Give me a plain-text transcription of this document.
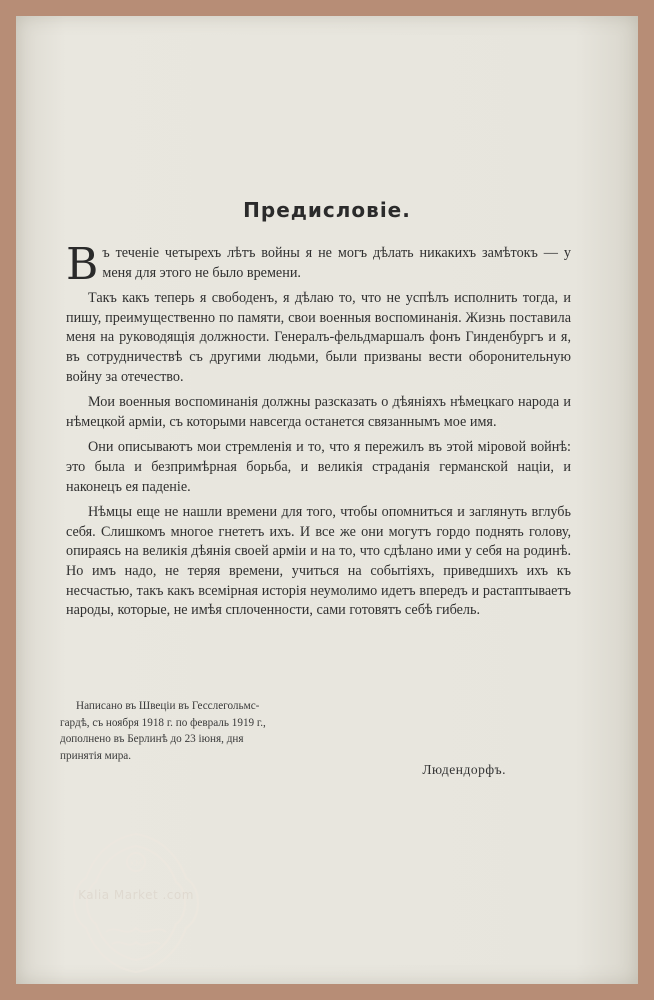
Предисловіе.

Въ теченіе четырехъ лѣтъ войны я не могъ дѣлать никакихъ замѣтокъ — у меня для этого не было времени.

Такъ какъ теперь я свободенъ, я дѣлаю то, что не успѣлъ исполнить тогда, и пишу, преимущественно по памяти, свои военныя воспоминанія. Жизнь поставила меня на руководящія должности. Генералъ-фельдмаршалъ фонъ Гинденбургъ и я, въ сотрудничествѣ съ другими людьми, были призваны вести оборонительную войну за отечество.

Мои военныя воспоминанія должны разсказать о дѣяніяхъ нѣмецкаго народа и нѣмецкой арміи, съ которыми навсегда останется связаннымъ мое имя.

Они описываютъ мои стремленія и то, что я пережилъ въ этой міровой войнѣ: это была и безпримѣрная борьба, и великія страданія германской націи, и наконецъ ея паденіе.

Нѣмцы еще не нашли времени для того, чтобы опомниться и заглянуть вглубь себя. Слишкомъ многое гнететъ ихъ. И все же они могутъ гордо поднять голову, опираясь на великія дѣянія своей арміи и на то, что сдѣлано ими у себя на родинѣ. Но имъ надо, не теряя времени, учиться на событіяхъ, приведшихъ ихъ къ несчастью, такъ какъ всемірная исторія неумолимо идетъ впередъ и растаптываетъ народы, которые, не имѣя сплоченности, сами готовятъ себѣ гибель.

Написано въ Швеціи въ Гесслегольмс-
гардѣ, съ ноября 1918 г. по февраль 1919 г.,
дополнено въ Берлинѣ до 23 іюня, дня
принятія мира.
Людендорфъ.
KM
Kalia Market .com
